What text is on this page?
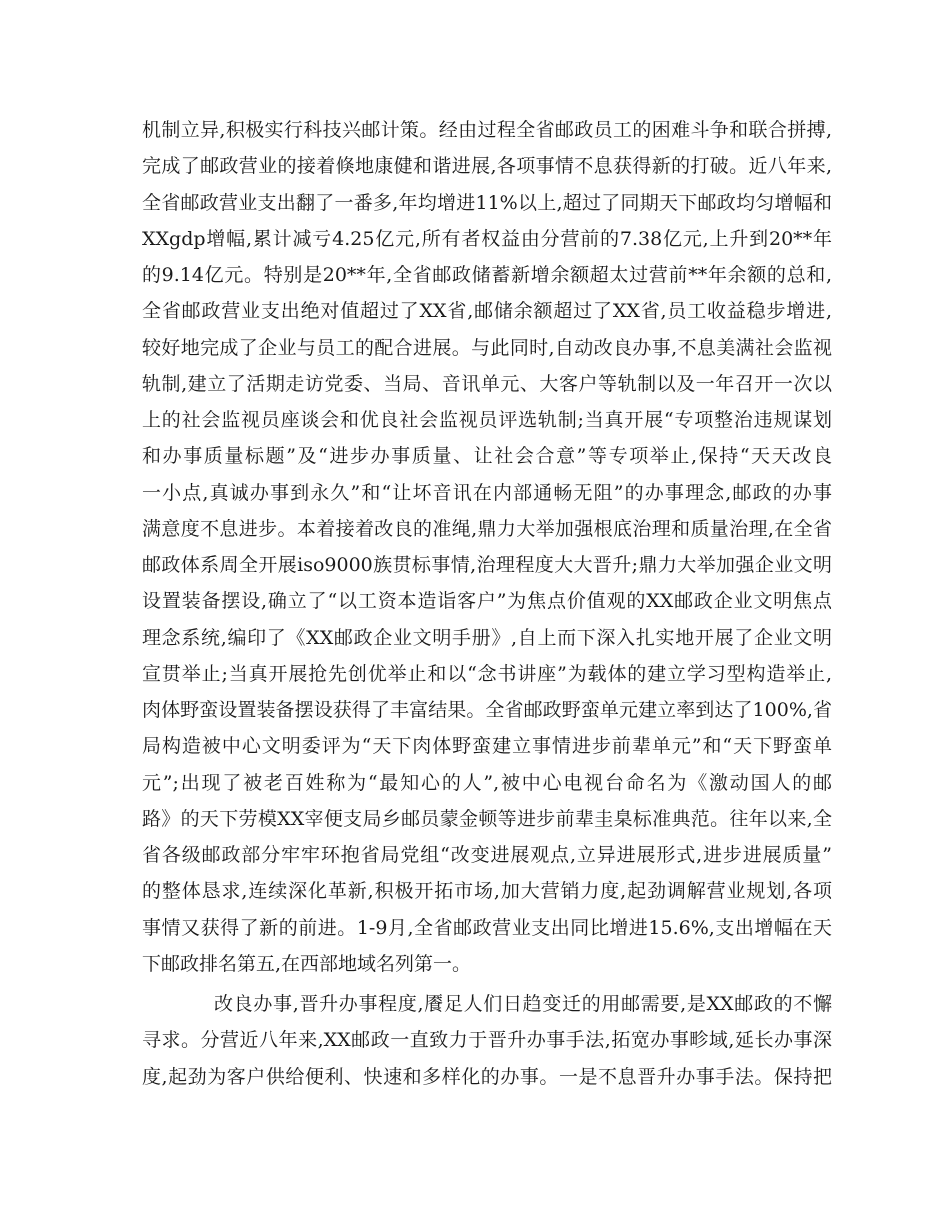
机制立异,积极实行科技兴邮计策。经由过程全省邮政员工的困难斗争和联合拼搏,
完成了邮政营业的接着倏地康健和谐进展,各项事情不息获得新的打破。近八年来,
全省邮政营业支出翻了一番多,年均增进11%以上,超过了同期天下邮政均匀增幅和
XXgdp增幅,累计减亏4.25亿元,所有者权益由分营前的7.38亿元,上升到20**年
的9.14亿元。特别是20**年,全省邮政储蓄新增余额超太过营前**年余额的总和,
全省邮政营业支出绝对值超过了XX省,邮储余额超过了XX省,员工收益稳步增进,
较好地完成了企业与员工的配合进展。与此同时,自动改良办事,不息美满社会监视
轨制,建立了活期走访党委、当局、音讯单元、大客户等轨制以及一年召开一次以
上的社会监视员座谈会和优良社会监视员评选轨制;当真开展“专项整治违规谋划
和办事质量标题”及“进步办事质量、让社会合意”等专项举止,保持“天天改良
一小点,真诚办事到永久”和“让坏音讯在内部通畅无阻”的办事理念,邮政的办事
满意度不息进步。本着接着改良的准绳,鼎力大举加强根底治理和质量治理,在全省
邮政体系周全开展iso9000族贯标事情,治理程度大大晋升;鼎力大举加强企业文明
设置装备摆设,确立了“以工资本造诣客户”为焦点价值观的XX邮政企业文明焦点
理念系统,编印了《XX邮政企业文明手册》,自上而下深入扎实地开展了企业文明
宣贯举止;当真开展抢先创优举止和以“念书讲座”为载体的建立学习型构造举止,
肉体野蛮设置装备摆设获得了丰富结果。全省邮政野蛮单元建立率到达了100%,省
局构造被中心文明委评为“天下肉体野蛮建立事情进步前辈单元”和“天下野蛮单
元”;出现了被老百姓称为“最知心的人”,被中心电视台命名为《激动国人的邮
路》的天下劳模XX宰便支局乡邮员蒙金顿等进步前辈圭臬标准典范。往年以来,全
省各级邮政部分牢牢环抱省局党组“改变进展观点,立异进展形式,进步进展质量”
的整体恳求,连续深化革新,积极开拓市场,加大营销力度,起劲调解营业规划,各项
事情又获得了新的前进。1-9月,全省邮政营业支出同比增进15.6%,支出增幅在天
下邮政排名第五,在西部地域名列第一。
改良办事,晋升办事程度,餍足人们日趋变迁的用邮需要,是XX邮政的不懈
寻求。分营近八年来,XX邮政一直致力于晋升办事手法,拓宽办事畛域,延长办事深
度,起劲为客户供给便利、快速和多样化的办事。一是不息晋升办事手法。保持把
